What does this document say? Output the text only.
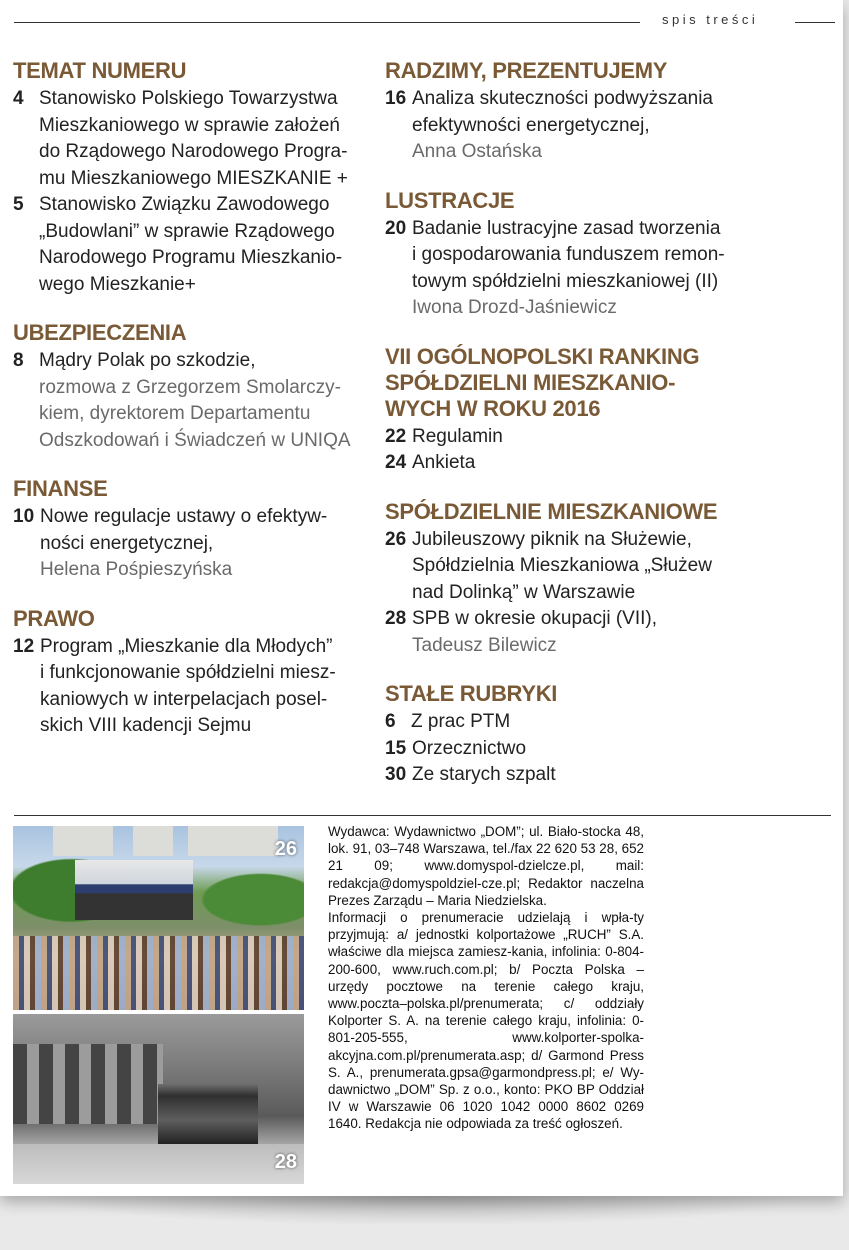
spis treści
TEMAT NUMERU
4 Stanowisko Polskiego Towarzystwa
Mieszkaniowego w sprawie założeń
do Rządowego Narodowego Progra-
mu Mieszkaniowego MIESZKANIE +
5 Stanowisko Związku Zawodowego
„Budowlani” w sprawie Rządowego
Narodowego Programu Mieszkanio-
wego Mieszkanie+
UBEZPIECZENIA
8 Mądry Polak po szkodzie,
rozmowa z Grzegorzem Smolarczy-
kiem, dyrektorem Departamentu
Odszkodowań i Świadczeń w UNIQA
FINANSE
10 Nowe regulacje ustawy o efektyw-
ności energetycznej,
Helena Pośpieszyńska
PRAWO
12 Program „Mieszkanie dla Młodych”
i funkcjonowanie spółdzielni miesz-
kaniowych w interpelacjach posel-
skich VIII kadencji Sejmu
RADZIMY, PREZENTUJEMY
16 Analiza skuteczności podwyższania
efektywności energetycznej,
Anna Ostańska
LUSTRACJE
20 Badanie lustracyjne zasad tworzenia
i gospodarowania funduszem remon-
towym spółdzielni mieszkaniowej (II)
Iwona Drozd-Jaśniewicz
VII OGÓLNOPOLSKI RANKING
SPÓŁDZIELNI MIESZKANIO-
WYCH W ROKU 2016
22 Regulamin
24 Ankieta
SPÓŁDZIELNIE MIESZKANIOWE
26 Jubileuszowy piknik na Służewie,
Spółdzielnia Mieszkaniowa „Służew
nad Dolinką” w Warszawie
28 SPB w okresie okupacji (VII),
Tadeusz Bilewicz
STAŁE RUBRYKI
6 Z prac PTM
15 Orzecznictwo
30 Ze starych szpalt
26
28

Wydawca: Wydawnictwo „DOM”; ul. Biało-stocka 48, lok. 91, 03–748 Warszawa, tel./fax 22 620 53 28, 652 21 09; www.domyspol-dzielcze.pl, mail: redakcja@domyspoldziel-cze.pl; Redaktor naczelna Prezes Zarządu – Maria Niedzielska.

Informacji o prenumeracie udzielają i wpła-ty przyjmują: a/ jednostki kolportażowe „RUCH” S.A. właściwe dla miejsca zamiesz-kania, infolinia: 0-804-200-600, www.ruch.com.pl; b/ Poczta Polska – urzędy pocztowe na terenie całego kraju, www.poczta–polska.pl/prenumerata; c/ oddziały Kolporter S. A. na terenie całego kraju, infolinia: 0-801-205-555, www.kolporter-spolka-akcyjna.com.pl/prenumerata.asp; d/ Garmond Press S. A., prenumerata.gpsa@garmondpress.pl; e/ Wy-dawnictwo „DOM” Sp. z o.o., konto: PKO BP Oddział IV w Warszawie 06 1020 1042 0000 8602 0269 1640. Redakcja nie odpowiada za treść ogłoszeń.
